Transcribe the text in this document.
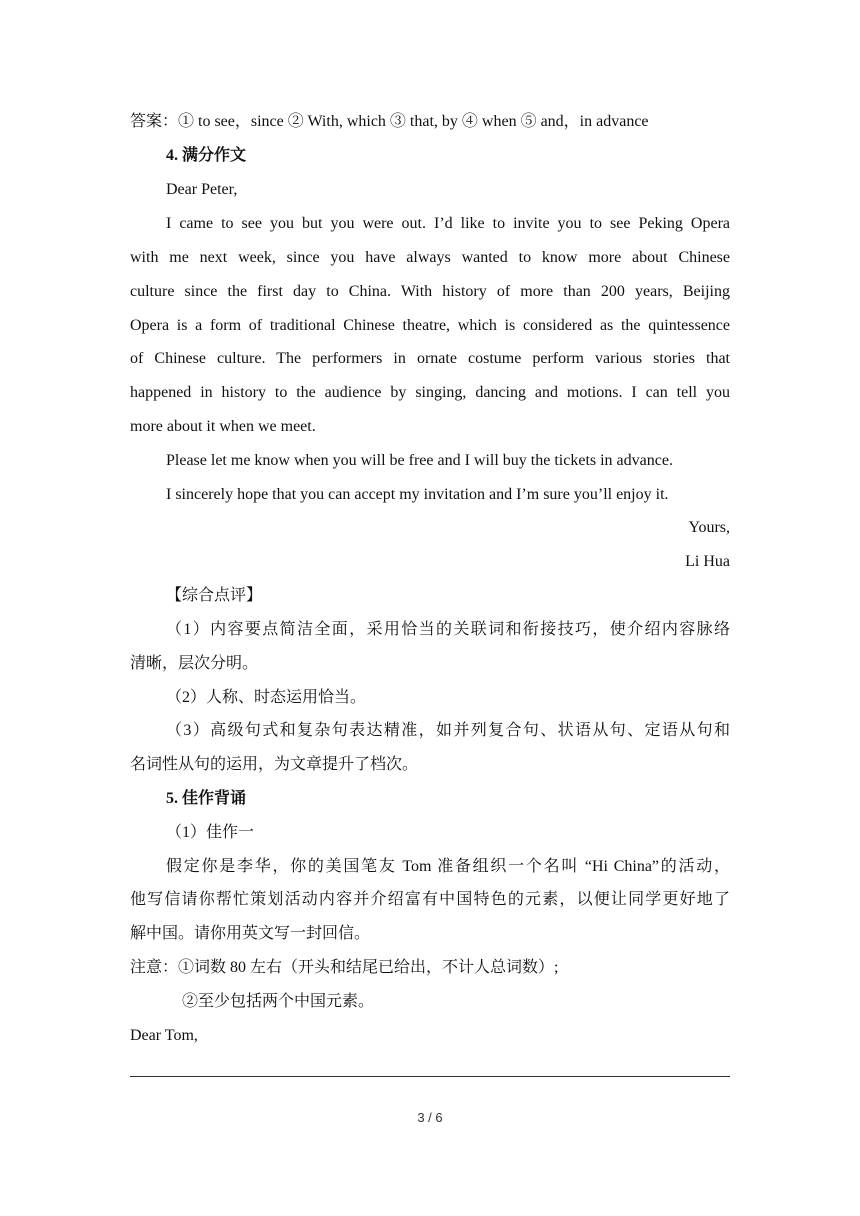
答案：① to see，since ② With, which ③ that, by ④ when ⑤ and，in advance
4. 满分作文
Dear Peter,
I came to see you but you were out. I’d like to invite you to see Peking Opera
with me next week, since you have always wanted to know more about Chinese
culture since the first day to China. With history of more than 200 years, Beijing
Opera is a form of traditional Chinese theatre, which is considered as the quintessence
of Chinese culture. The performers in ornate costume perform various stories that
happened in history to the audience by singing, dancing and motions. I can tell you
more about it when we meet.
Please let me know when you will be free and I will buy the tickets in advance.
I sincerely hope that you can accept my invitation and I’m sure you’ll enjoy it.
Yours,
Li Hua
【综合点评】
（1）内容要点简洁全面，采用恰当的关联词和衔接技巧，使介绍内容脉络
清晰，层次分明。
（2）人称、时态运用恰当。
（3）高级句式和复杂句表达精准，如并列复合句、状语从句、定语从句和
名词性从句的运用，为文章提升了档次。
5. 佳作背诵
（1）佳作一
假定你是李华，你的美国笔友 Tom 准备组织一个名叫 “Hi China”的活动，
他写信请你帮忙策划活动内容并介绍富有中国特色的元素，以便让同学更好地了
解中国。请你用英文写一封回信。
注意：①词数 80 左右（开头和结尾已给出，不计人总词数）;
②至少包括两个中国元素。
Dear Tom,
3 / 6
